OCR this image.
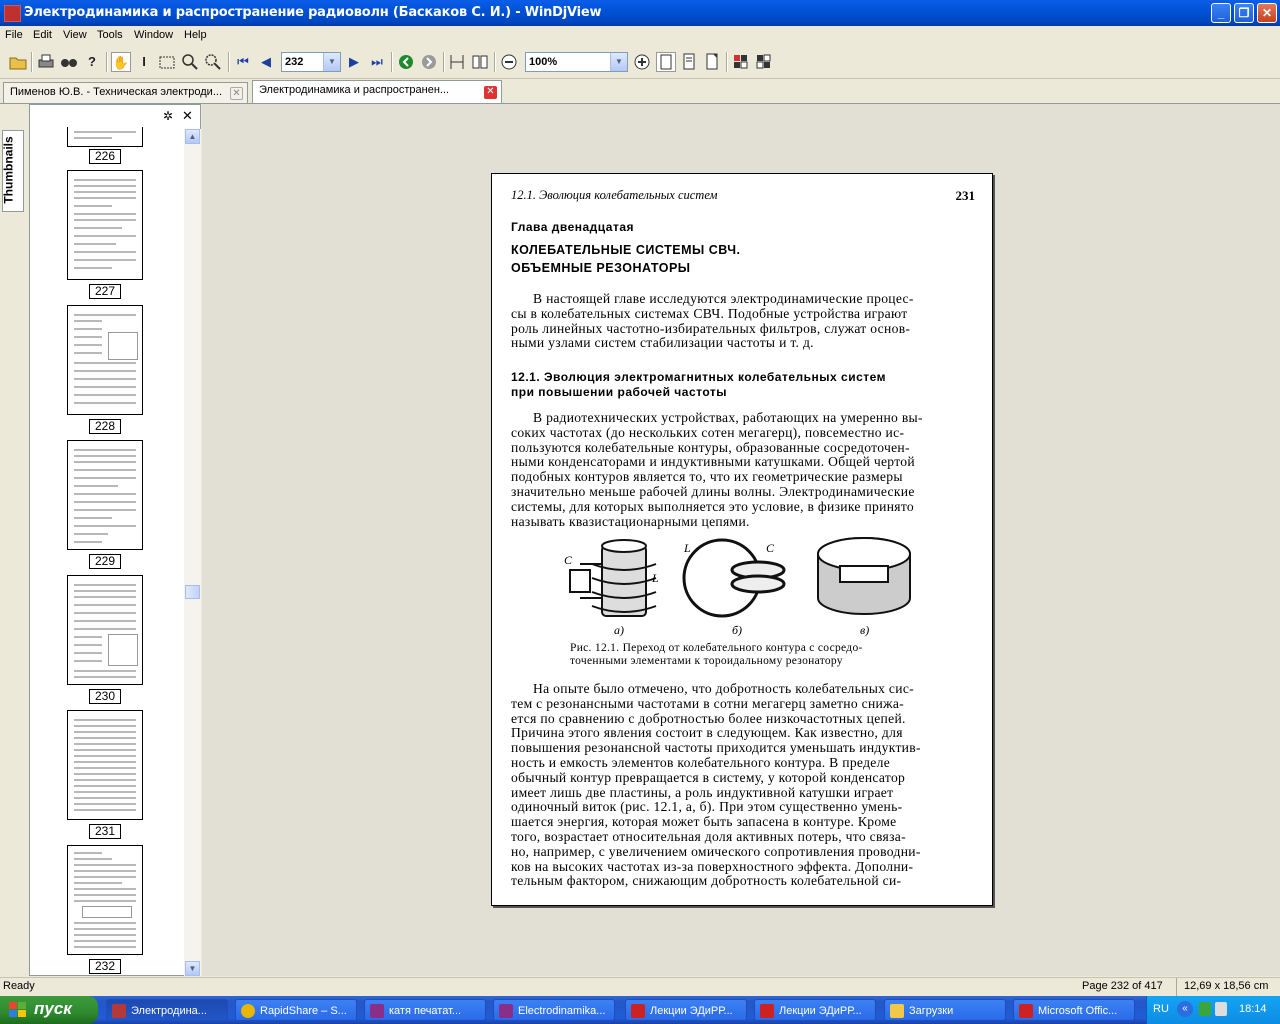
Электродинамика и распространение радиоволн (Баскаков С. И.) - WinDjView	_	❐	✕
File Edit View Tools Window Help
?	✋	I	⏮ ◀	232	▼	▶ ⏭	100%	▼
Пименов Ю.В. - Техническая электроди... ✕	Электродинамика и распространен...	✕
Thumbnails
✲ ✕
226
227
228
229
230
231
232
▲
▼
12.1. Эволюция колебательных систем	231
Глава двенадцатая
КОЛЕБАТЕЛЬНЫЕ СИСТЕМЫ СВЧ.
ОБЪЕМНЫЕ РЕЗОНАТОРЫ
В настоящей главе исследуются электродинамические процес-
сы в колебательных системах СВЧ. Подобные устройства играют
роль линейных частотно-избирательных фильтров, служат основ-
ными узлами систем стабилизации частоты и т. д.
12.1. Эволюция электромагнитных колебательных систем
при повышении рабочей частоты
В радиотехнических устройствах, работающих на умеренно вы-
соких частотах (до нескольких сотен мегагерц), повсеместно ис-
пользуются колебательные контуры, образованные сосредоточен-
ными конденсаторами и индуктивными катушками. Общей чертой
подобных контуров является то, что их геометрические размеры
значительно меньше рабочей длины волны. Электродинамические
системы, для которых выполняется это условие, в физике принято
называть квазистационарными цепями.
C
L
L	C
а)	б)	в)
Рис. 12.1. Переход от колебательного контура с сосредо-
точенными элементами к тороидальному резонатору
На опыте было отмечено, что добротность колебательных сис-
тем с резонансными частотами в сотни мегагерц заметно снижа-
ется по сравнению с добротностью более низкочастотных цепей.
Причина этого явления состоит в следующем. Как известно, для
повышения резонансной частоты приходится уменьшать индуктив-
ность и емкость элементов колебательного контура. В пределе
обычный контур превращается в систему, у которой конденсатор
имеет лишь две пластины, а роль индуктивной катушки играет
одиночный виток (рис. 12.1, а, б). При этом существенно умень-
шается энергия, которая может быть запасена в контуре. Кроме
того, возрастает относительная доля активных потерь, что связа-
но, например, с увеличением омического сопротивления проводни-
ков на высоких частотах из-за поверхностного эффекта. Дополни-
тельным фактором, снижающим добротность колебательной си-
Ready	Page 232 of 417 12,69 x 18,56 cm
пуск	Электродина...	RapidShare – S...	катя печатат...	Electrodinamika...	Лекции ЭДиРР...	Лекции ЭДиРР...	Загрузки	Microsoft Offic...	RU	«	18:14
